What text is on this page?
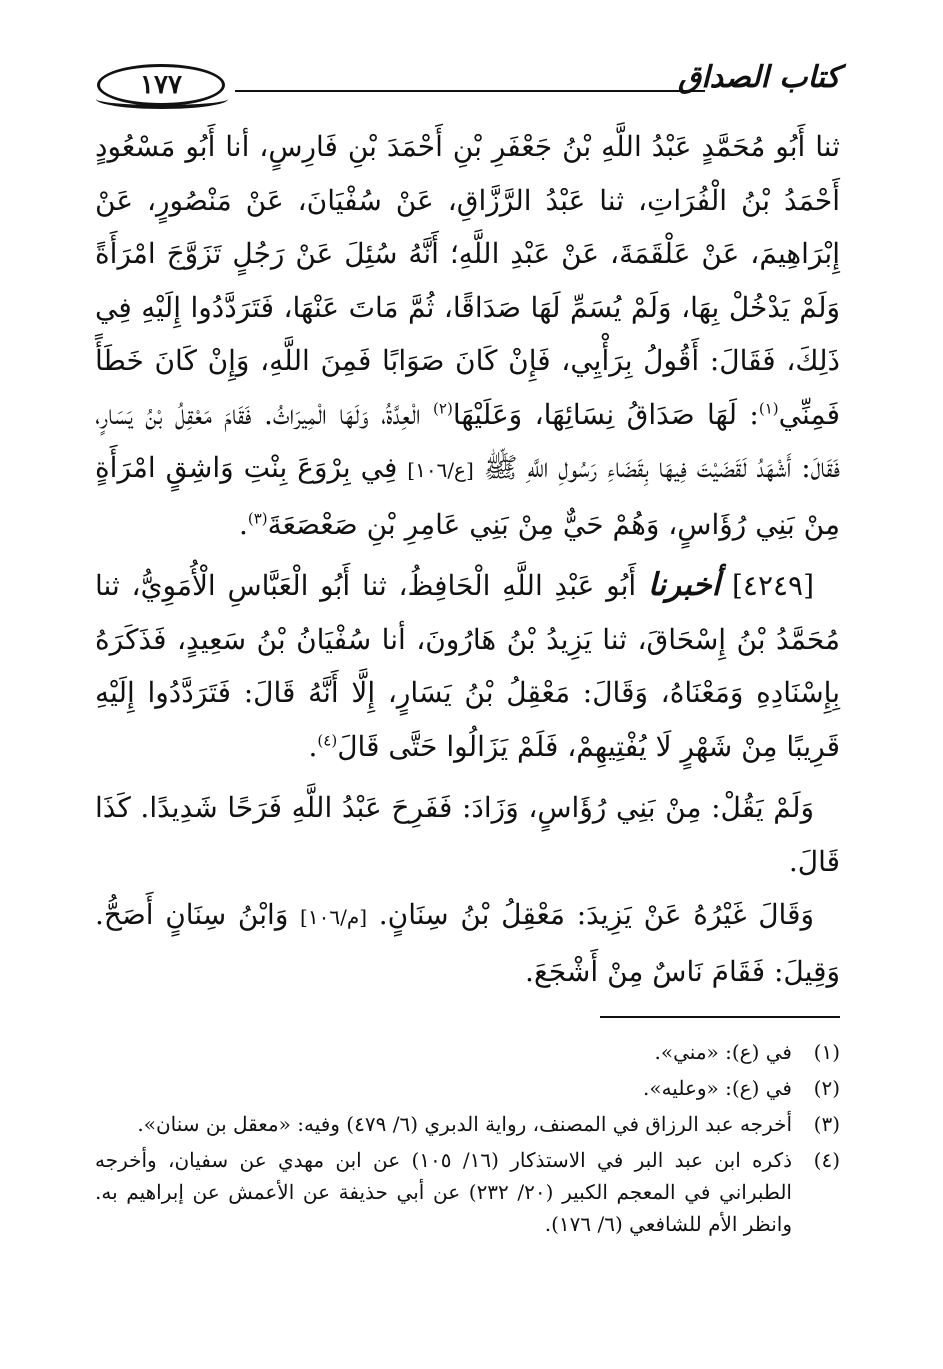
١٧٧	كتاب الصداق

ثنا أَبُو مُحَمَّدٍ عَبْدُ اللَّهِ بْنُ جَعْفَرِ بْنِ أَحْمَدَ بْنِ فَارِسٍ، أنا أَبُو مَسْعُودٍ أَحْمَدُ بْنُ الْفُرَاتِ، ثنا عَبْدُ الرَّزَّاقِ، عَنْ سُفْيَانَ، عَنْ مَنْصُورٍ، عَنْ إِبْرَاهِيمَ، عَنْ عَلْقَمَةَ، عَنْ عَبْدِ اللَّهِ؛ أَنَّهُ سُئِلَ عَنْ رَجُلٍ تَزَوَّجَ امْرَأَةً وَلَمْ يَدْخُلْ بِهَا، وَلَمْ يُسَمِّ لَهَا صَدَاقًا، ثُمَّ مَاتَ عَنْهَا، فَتَرَدَّدُوا إِلَيْهِ فِي ذَلِكَ، فَقَالَ: أَقُولُ بِرَأْيِي، فَإِنْ كَانَ صَوَابًا فَمِنَ اللَّهِ، وَإِنْ كَانَ خَطَأً فَمِنِّي$^{(١)}$: لَهَا صَدَاقُ نِسَائِهَا، وَعَلَيْهَا$^{(٢)}$ الْعِدَّةُ، وَلَهَا الْمِيرَاثُ. فَقَامَ مَعْقِلُ بْنُ يَسَارٍ، فَقَالَ: أَشْهَدُ لَقَضَيْتَ فِيهَا بِقَضَاءِ رَسُولِ اللَّهِ ﷺ [ع/١٠٦] فِي بِرْوَعَ بِنْتِ وَاشِقٍ امْرَأَةٍ مِنْ بَنِي رُؤَاسٍ، وَهُمْ حَيٌّ مِنْ بَنِي عَامِرِ بْنِ صَعْصَعَةَ$^{(٣)}$.

[٤٢٤٩] أخبرنا أَبُو عَبْدِ اللَّهِ الْحَافِظُ، ثنا أَبُو الْعَبَّاسِ الْأُمَوِيُّ، ثنا مُحَمَّدُ بْنُ إِسْحَاقَ، ثنا يَزِيدُ بْنُ هَارُونَ، أنا سُفْيَانُ بْنُ سَعِيدٍ، فَذَكَرَهُ بِإِسْنَادِهِ وَمَعْنَاهُ، وَقَالَ: مَعْقِلُ بْنُ يَسَارٍ، إِلَّا أَنَّهُ قَالَ: فَتَرَدَّدُوا إِلَيْهِ قَرِيبًا مِنْ شَهْرٍ لَا يُفْتِيهِمْ، فَلَمْ يَزَالُوا حَتَّى قَالَ$^{(٤)}$.

وَلَمْ يَقُلْ: مِنْ بَنِي رُؤَاسٍ، وَزَادَ: فَفَرِحَ عَبْدُ اللَّهِ فَرَحًا شَدِيدًا. كَذَا قَالَ.

وَقَالَ غَيْرُهُ عَنْ يَزِيدَ: مَعْقِلُ بْنُ سِنَانٍ. [م/١٠٦] وَابْنُ سِنَانٍ أَصَحُّ. وَقِيلَ: فَقَامَ نَاسٌ مِنْ أَشْجَعَ.

(١)
في (ع): «مني».
(٢)
في (ع): «وعليه».
(٣)
أخرجه عبد الرزاق في المصنف، رواية الدبري (٦/ ٤٧٩) وفيه: «معقل بن سنان».
(٤)
ذكره ابن عبد البر في الاستذكار (١٦/ ١٠٥) عن ابن مهدي عن سفيان، وأخرجه الطبراني في المعجم الكبير (٢٠/ ٢٣٢) عن أبي حذيفة عن الأعمش عن إبراهيم به. وانظر الأم للشافعي (٦/ ١٧٦).
